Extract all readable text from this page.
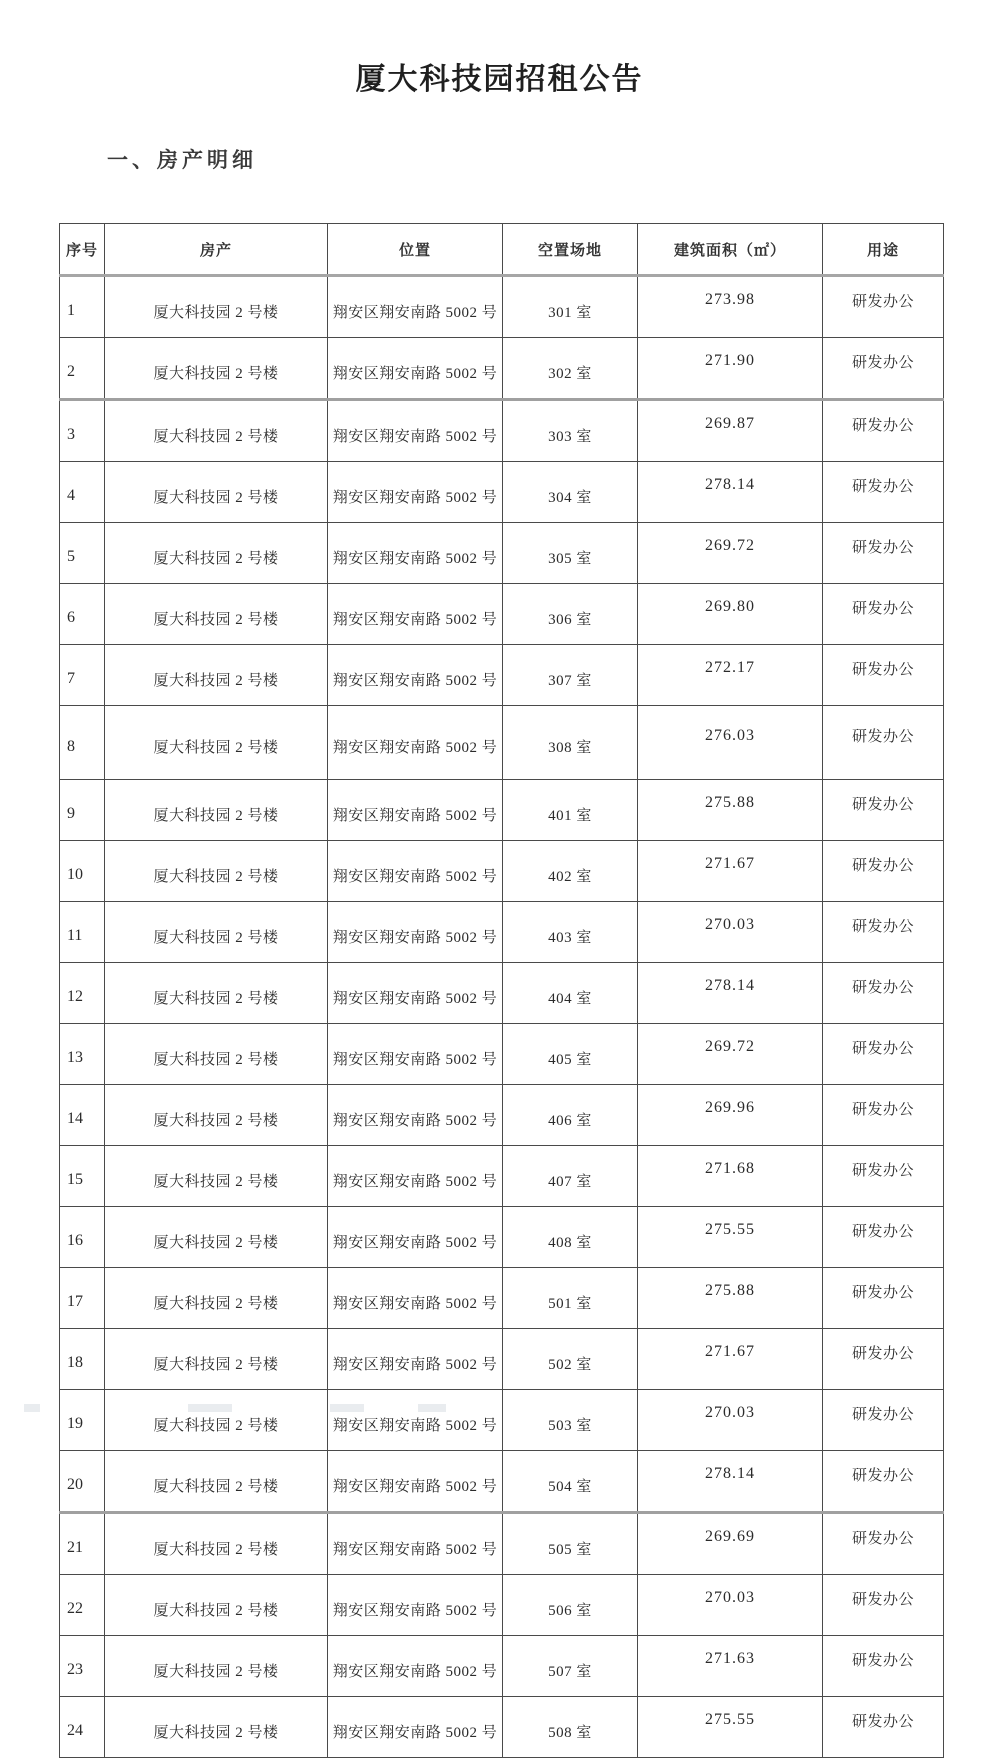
厦大科技园招租公告
一、房产明细
序号	房产	位置	空置场地	建筑面积（㎡）	用途
1	厦大科技园 2 号楼	翔安区翔安南路 5002 号	301 室	273.98	研发办公
2	厦大科技园 2 号楼	翔安区翔安南路 5002 号	302 室	271.90	研发办公
3	厦大科技园 2 号楼	翔安区翔安南路 5002 号	303 室	269.87	研发办公
4	厦大科技园 2 号楼	翔安区翔安南路 5002 号	304 室	278.14	研发办公
5	厦大科技园 2 号楼	翔安区翔安南路 5002 号	305 室	269.72	研发办公
6	厦大科技园 2 号楼	翔安区翔安南路 5002 号	306 室	269.80	研发办公
7	厦大科技园 2 号楼	翔安区翔安南路 5002 号	307 室	272.17	研发办公
8	厦大科技园 2 号楼	翔安区翔安南路 5002 号	308 室	276.03	研发办公
9	厦大科技园 2 号楼	翔安区翔安南路 5002 号	401 室	275.88	研发办公
10	厦大科技园 2 号楼	翔安区翔安南路 5002 号	402 室	271.67	研发办公
11	厦大科技园 2 号楼	翔安区翔安南路 5002 号	403 室	270.03	研发办公
12	厦大科技园 2 号楼	翔安区翔安南路 5002 号	404 室	278.14	研发办公
13	厦大科技园 2 号楼	翔安区翔安南路 5002 号	405 室	269.72	研发办公
14	厦大科技园 2 号楼	翔安区翔安南路 5002 号	406 室	269.96	研发办公
15	厦大科技园 2 号楼	翔安区翔安南路 5002 号	407 室	271.68	研发办公
16	厦大科技园 2 号楼	翔安区翔安南路 5002 号	408 室	275.55	研发办公
17	厦大科技园 2 号楼	翔安区翔安南路 5002 号	501 室	275.88	研发办公
18	厦大科技园 2 号楼	翔安区翔安南路 5002 号	502 室	271.67	研发办公
19	厦大科技园 2 号楼	翔安区翔安南路 5002 号	503 室	270.03	研发办公
20	厦大科技园 2 号楼	翔安区翔安南路 5002 号	504 室	278.14	研发办公
21	厦大科技园 2 号楼	翔安区翔安南路 5002 号	505 室	269.69	研发办公
22	厦大科技园 2 号楼	翔安区翔安南路 5002 号	506 室	270.03	研发办公
23	厦大科技园 2 号楼	翔安区翔安南路 5002 号	507 室	271.63	研发办公
24	厦大科技园 2 号楼	翔安区翔安南路 5002 号	508 室	275.55	研发办公
